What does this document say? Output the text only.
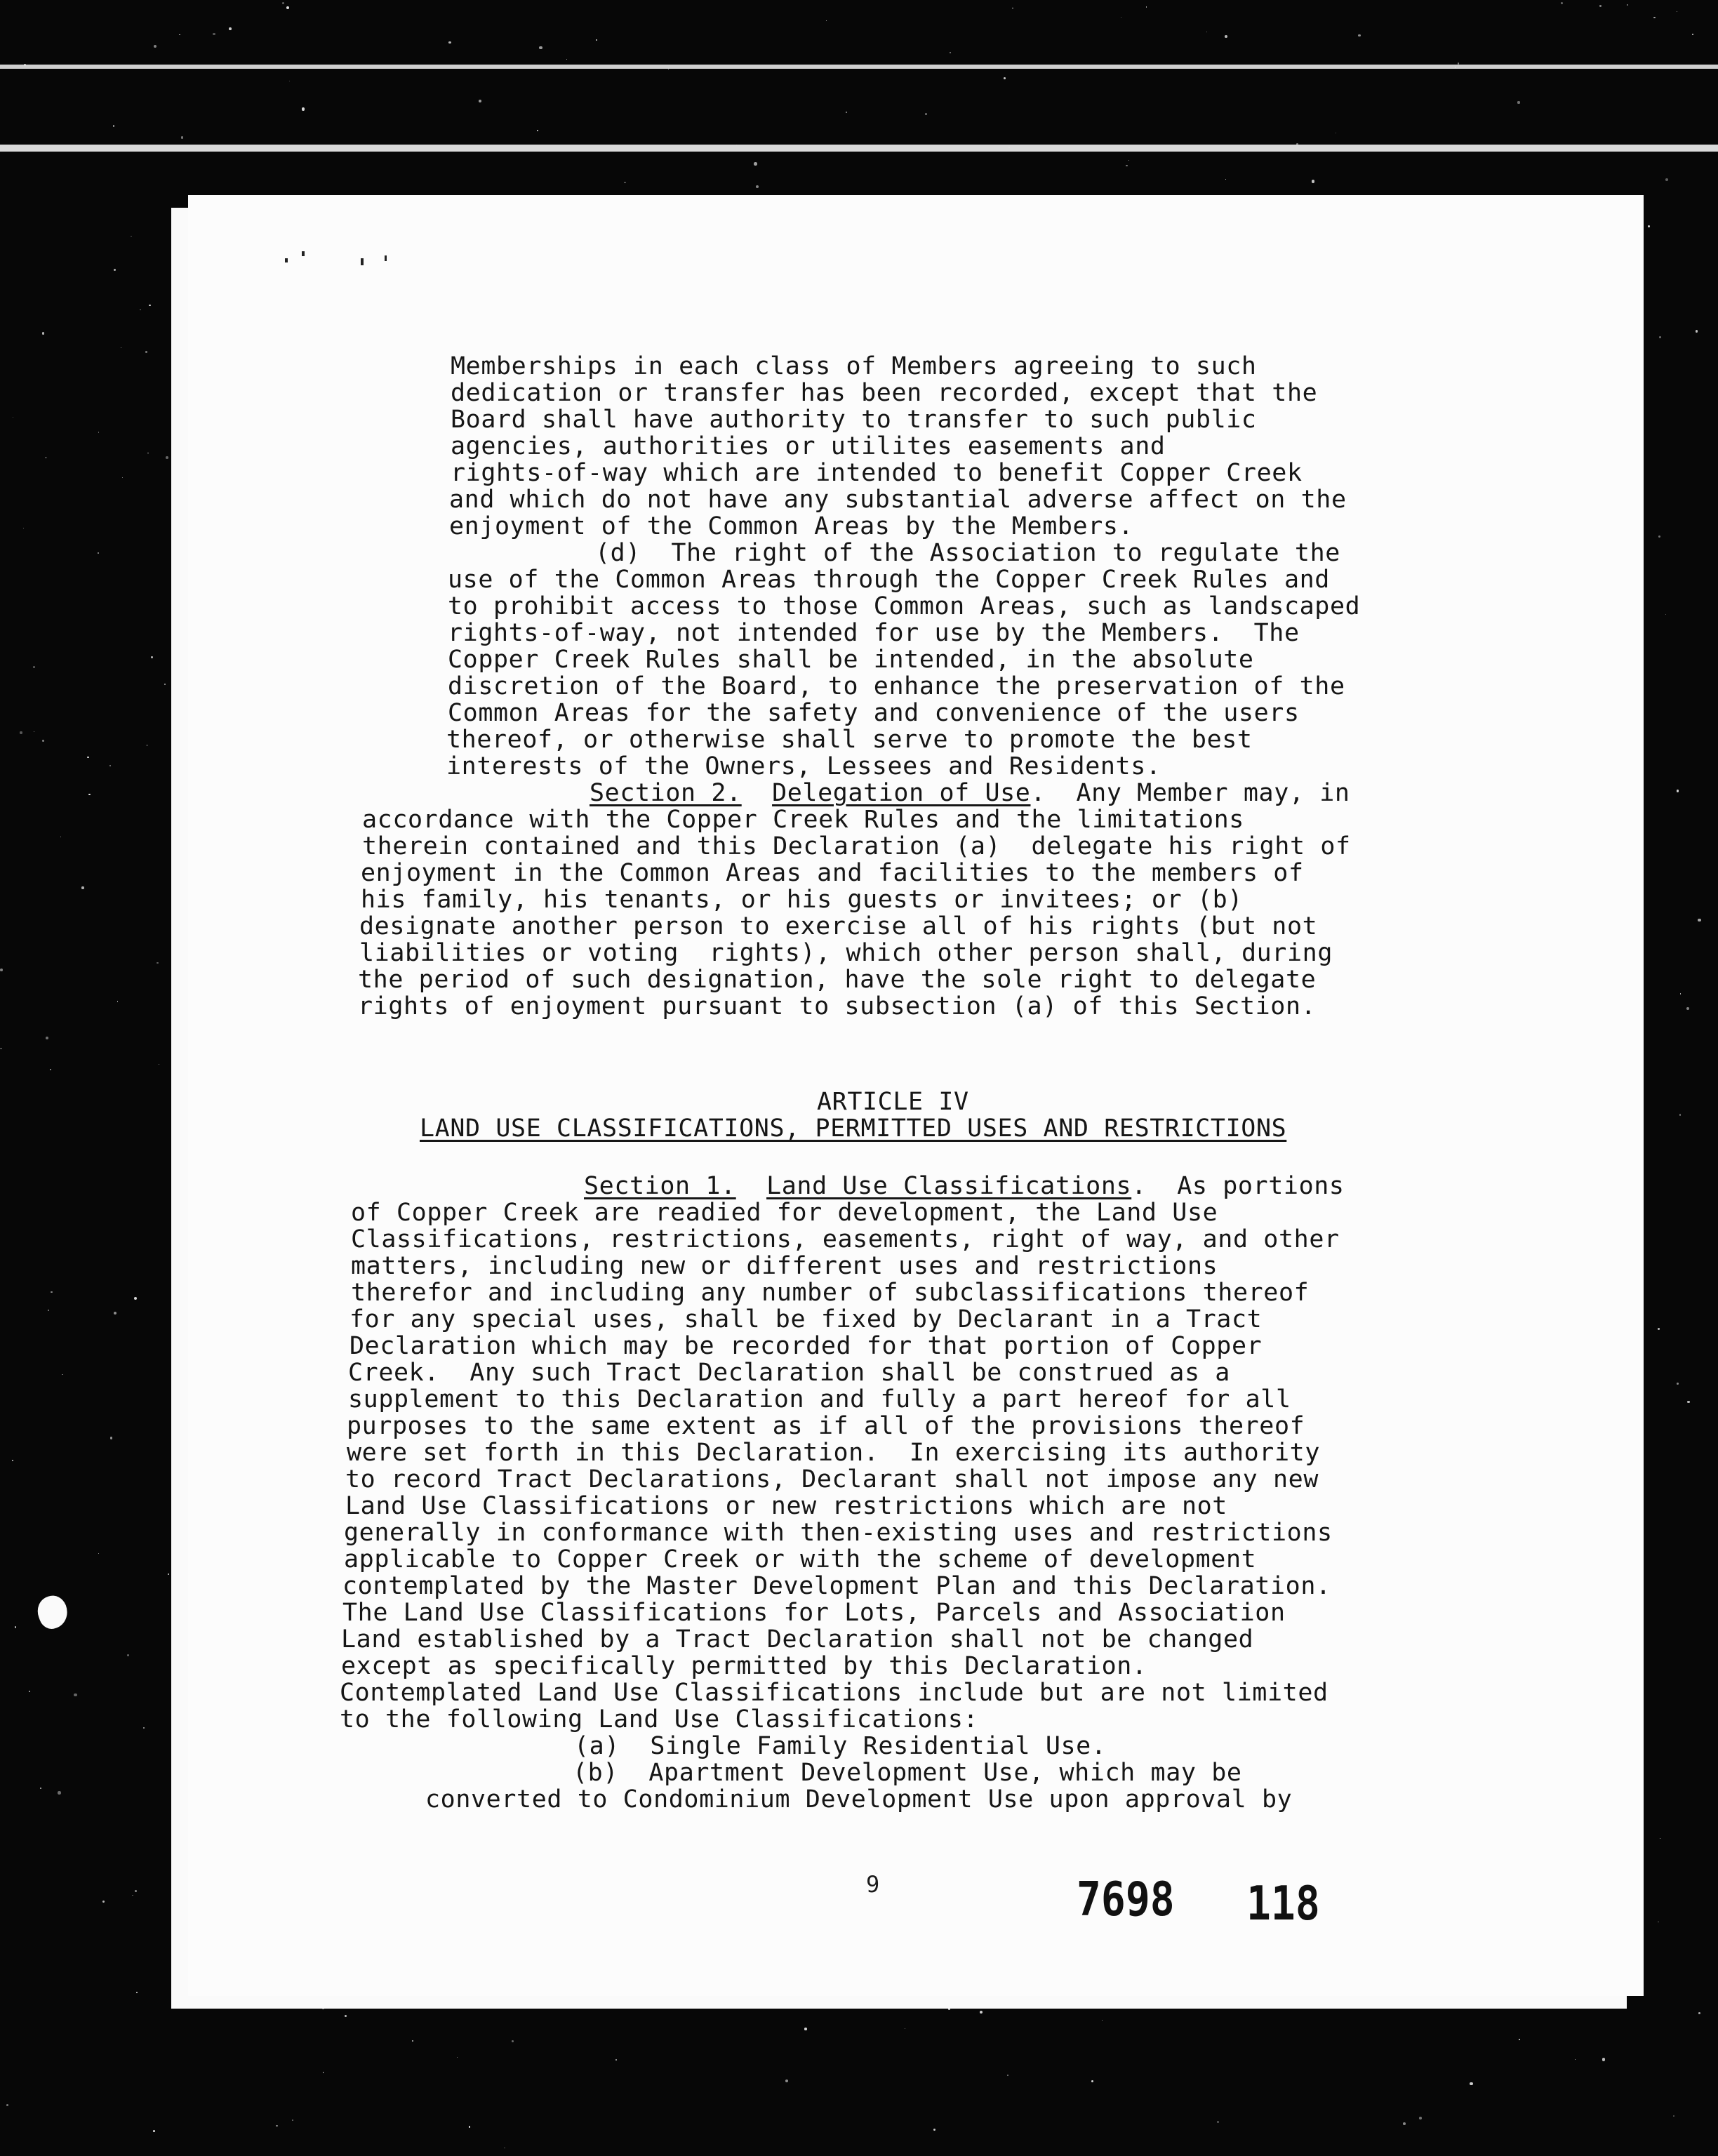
Memberships in each class of Members agreeing to such
dedication or transfer has been recorded, except that the
Board shall have authority to transfer to such public
agencies, authorities or utilites easements and
rights-of-way which are intended to benefit Copper Creek
and which do not have any substantial adverse affect on the
enjoyment of the Common Areas by the Members.
(d)  The right of the Association to regulate the
use of the Common Areas through the Copper Creek Rules and
to prohibit access to those Common Areas, such as landscaped
rights-of-way, not intended for use by the Members.  The
Copper Creek Rules shall be intended, in the absolute
discretion of the Board, to enhance the preservation of the
Common Areas for the safety and convenience of the users
thereof, or otherwise shall serve to promote the best
interests of the Owners, Lessees and Residents.
Section 2. Delegation of Use.  Any Member may, in
accordance with the Copper Creek Rules and the limitations
therein contained and this Declaration (a)  delegate his right of
enjoyment in the Common Areas and facilities to the members of
his family, his tenants, or his guests or invitees; or (b)
designate another person to exercise all of his rights (but not
liabilities or voting  rights), which other person shall, during
the period of such designation, have the sole right to delegate
rights of enjoyment pursuant to subsection (a) of this Section.
ARTICLE IV
LAND USE CLASSIFICATIONS, PERMITTED USES AND RESTRICTIONS
Section 1. Land Use Classifications.  As portions
of Copper Creek are readied for development, the Land Use
Classifications, restrictions, easements, right of way, and other
matters, including new or different uses and restrictions
therefor and including any number of subclassifications thereof
for any special uses, shall be fixed by Declarant in a Tract
Declaration which may be recorded for that portion of Copper
Creek.  Any such Tract Declaration shall be construed as a
supplement to this Declaration and fully a part hereof for all
purposes to the same extent as if all of the provisions thereof
were set forth in this Declaration.  In exercising its authority
to record Tract Declarations, Declarant shall not impose any new
Land Use Classifications or new restrictions which are not
generally in conformance with then-existing uses and restrictions
applicable to Copper Creek or with the scheme of development
contemplated by the Master Development Plan and this Declaration.
The Land Use Classifications for Lots, Parcels and Association
Land established by a Tract Declaration shall not be changed
except as specifically permitted by this Declaration.
Contemplated Land Use Classifications include but are not limited
to the following Land Use Classifications:
(a)  Single Family Residential Use.
(b)  Apartment Development Use, which may be
converted to Condominium Development Use upon approval by
9	7698 118
